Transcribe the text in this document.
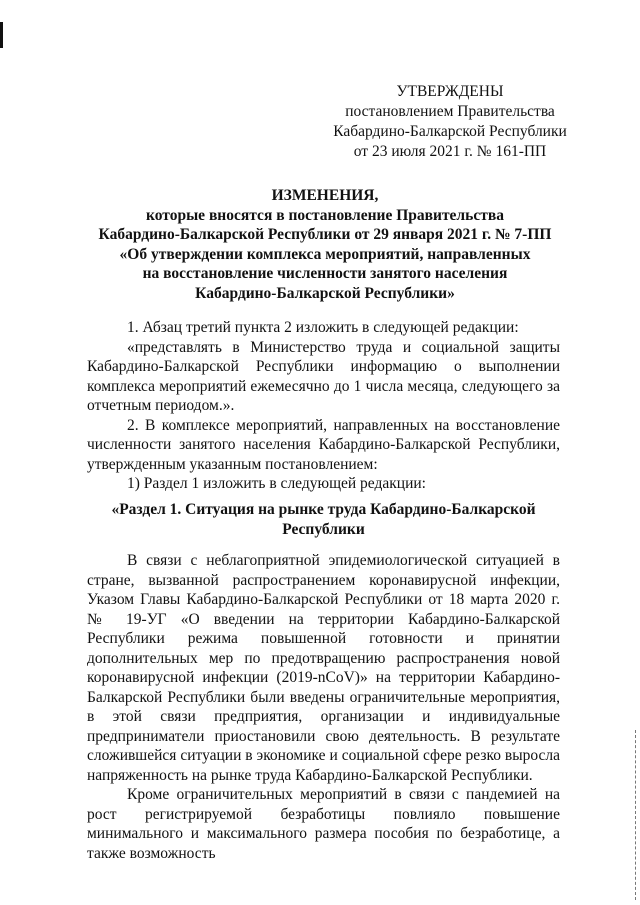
УТВЕРЖДЕНЫ
постановлением Правительства
Кабардино-Балкарской Республики
от 23 июля 2021 г. № 161-ПП
ИЗМЕНЕНИЯ,
которые вносятся в постановление Правительства
Кабардино-Балкарской Республики от 29 января 2021 г. № 7-ПП
«Об утверждении комплекса мероприятий, направленных
на восстановление численности занятого населения
Кабардино-Балкарской Республики»

1. Абзац третий пункта 2 изложить в следующей редакции:

«представлять в Министерство труда и социальной защиты Кабардино-Балкарской Республики информацию о выполнении комплекса мероприятий ежемесячно до 1 числа месяца, следующего за отчетным периодом.».

2. В комплексе мероприятий, направленных на восстановление численности занятого населения Кабардино-Балкарской Республики, утвержденным указанным постановлением:

1) Раздел 1 изложить в следующей редакции:

«Раздел 1. Ситуация на рынке труда Кабардино-Балкарской
Республики

В связи с неблагоприятной эпидемиологической ситуацией в стране, вызванной распространением коронавирусной инфекции, Указом Главы Кабардино-Балкарской Республики от 18 марта 2020 г. № 19-УГ «О введении на территории Кабардино-Балкарской Республики режима повышенной готовности и принятии дополнительных мер по предотвращению распространения новой коронавирусной инфекции (2019-nCoV)» на территории Кабардино-Балкарской Республики были введены ограничительные мероприятия, в этой связи предприятия, организации и индивидуальные предприниматели приостановили свою деятельность. В результате сложившейся ситуации в экономике и социальной сфере резко выросла напряженность на рынке труда Кабардино-Балкарской Республики.

Кроме ограничительных мероприятий в связи с пандемией на рост регистрируемой безработицы повлияло повышение минимального и максимального размера пособия по безработице, а также возможность
